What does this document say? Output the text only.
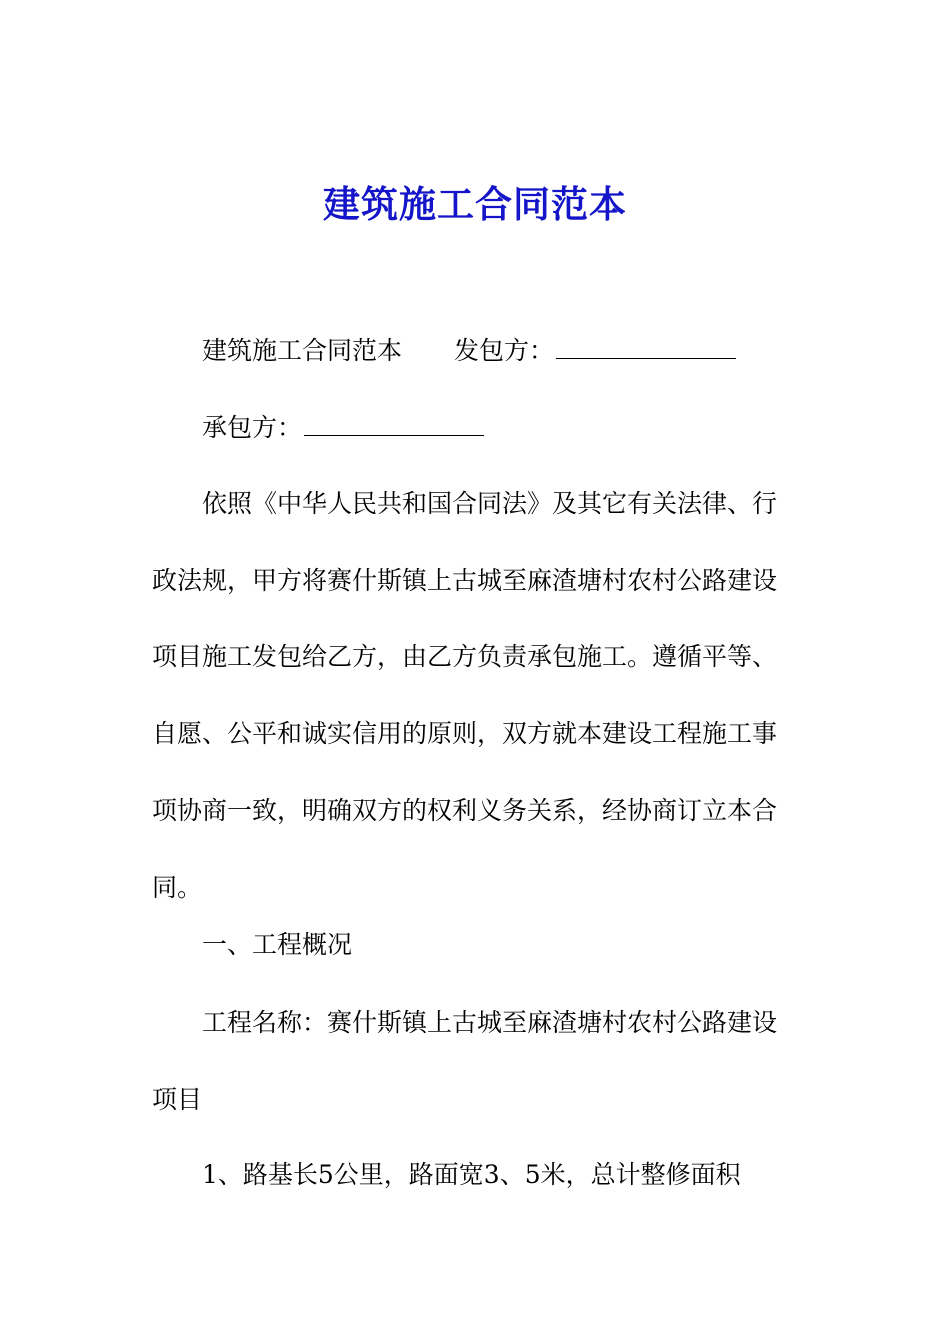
建筑施工合同范本

建筑施工合同范本 发包方：

承包方：

依照《中华人民共和国合同法》及其它有关法律、行政法规，甲方将赛什斯镇上古城至麻渣塘村农村公路建设项目施工发包给乙方，由乙方负责承包施工。遵循平等、自愿、公平和诚实信用的原则，双方就本建设工程施工事项协商一致，明确双方的权利义务关系，经协商订立本合同。

一、工程概况

工程名称：赛什斯镇上古城至麻渣塘村农村公路建设项目

1、路基长5公里，路面宽3、5米，总计整修面积
